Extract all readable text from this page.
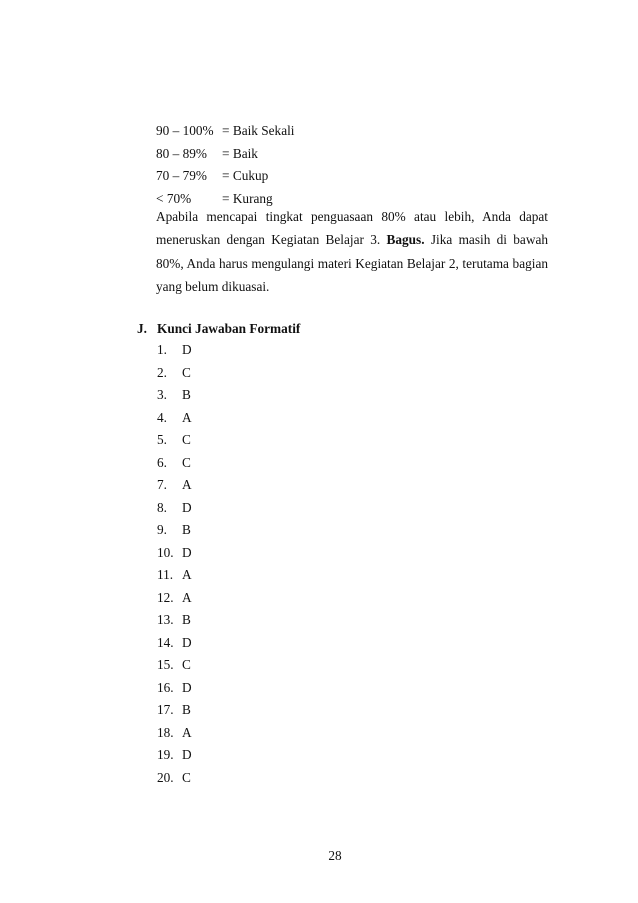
90 – 100% = Baik Sekali
80 – 89% = Baik
70 – 79% = Cukup
< 70% = Kurang

Apabila mencapai tingkat penguasaan 80% atau lebih, Anda dapat meneruskan dengan Kegiatan Belajar 3. Bagus. Jika masih di bawah 80%, Anda harus mengulangi materi Kegiatan Belajar 2, terutama bagian yang belum dikuasai.

J. Kunci Jawaban Formatif
1. D
2. C
3. B
4. A
5. C
6. C
7. A
8. D
9. B
10. D
11. A
12. A
13. B
14. D
15. C
16. D
17. B
18. A
19. D
20. C
28
